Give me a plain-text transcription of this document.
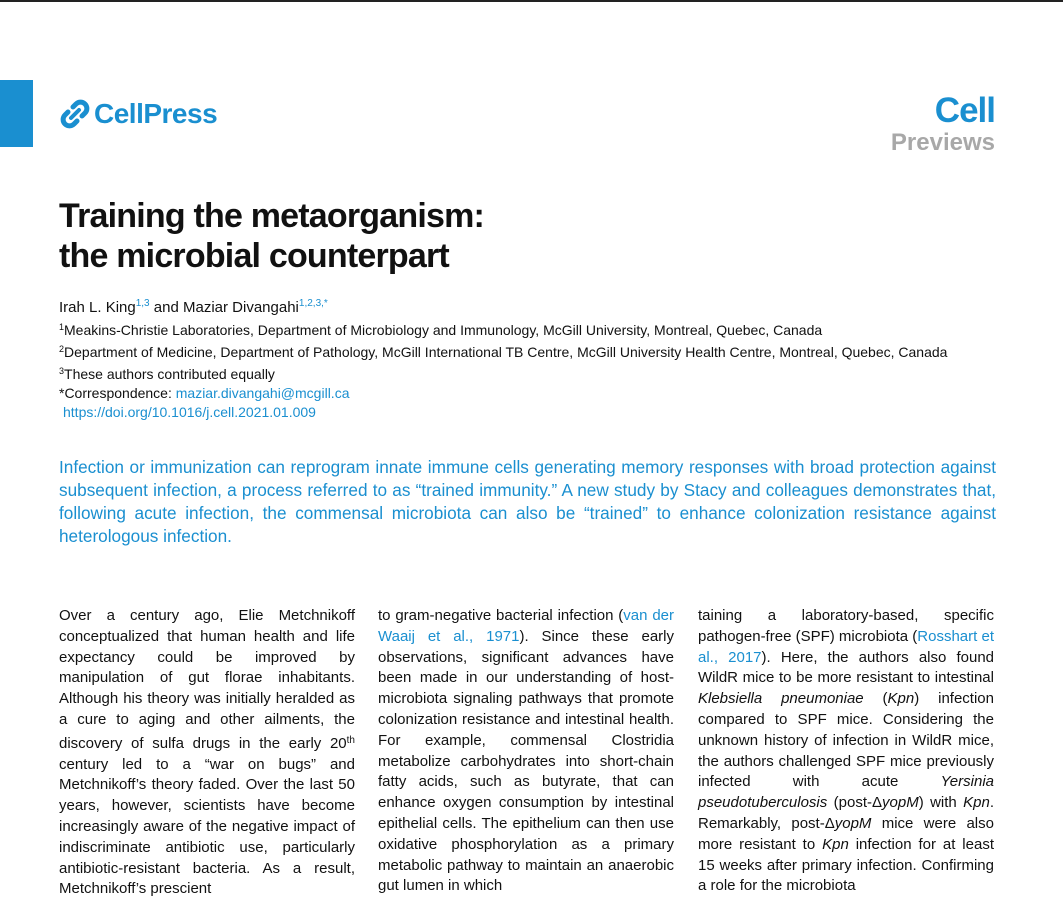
CellPress	Cell
Previews
Training the metaorganism:
the microbial counterpart
Irah L. King$^{1,3}$ and Maziar Divangahi$^{1,2,3,*}$
$^1$Meakins-Christie Laboratories, Department of Microbiology and Immunology, McGill University, Montreal, Quebec, Canada
$^2$Department of Medicine, Department of Pathology, McGill International TB Centre, McGill University Health Centre, Montreal, Quebec, Canada
$^3$These authors contributed equally
*Correspondence: maziar.divangahi@mcgill.ca
https://doi.org/10.1016/j.cell.2021.01.009
Infection or immunization can reprogram innate immune cells generating memory responses with broad protection against subsequent infection, a process referred to as “trained immunity.” A new study by Stacy and colleagues demonstrates that, following acute infection, the commensal microbiota can also be “trained” to enhance colonization resistance against heterologous infection.
Over a century ago, Elie Metchnikoff conceptualized that human health and life expectancy could be improved by manipulation of gut florae inhabitants. Although his theory was initially heralded as a cure to aging and other ailments, the discovery of sulfa drugs in the early 20th century led to a “war on bugs” and Metchnikoff’s theory faded. Over the last 50 years, however, scientists have become increasingly aware of the negative impact of indiscriminate antibiotic use, particularly antibiotic-resistant bacteria. As a result, Metchnikoff’s prescient
to gram-negative bacterial infection (van der Waaij et al., 1971). Since these early observations, significant advances have been made in our understanding of host-microbiota signaling pathways that promote colonization resistance and intestinal health. For example, commensal Clostridia metabolize carbohydrates into short-chain fatty acids, such as butyrate, that can enhance oxygen consumption by intestinal epithelial cells. The epithelium can then use oxidative phosphorylation as a primary metabolic pathway to maintain an anaerobic gut lumen in which
taining a laboratory-based, specific pathogen-free (SPF) microbiota (Rosshart et al., 2017). Here, the authors also found WildR mice to be more resistant to intestinal Klebsiella pneumoniae (Kpn) infection compared to SPF mice. Considering the unknown history of infection in WildR mice, the authors challenged SPF mice previously infected with acute Yersinia pseudotuberculosis (post-ΔyopM) with Kpn. Remarkably, post-ΔyopM mice were also more resistant to Kpn infection for at least 15 weeks after primary infection. Confirming a role for the microbiota
